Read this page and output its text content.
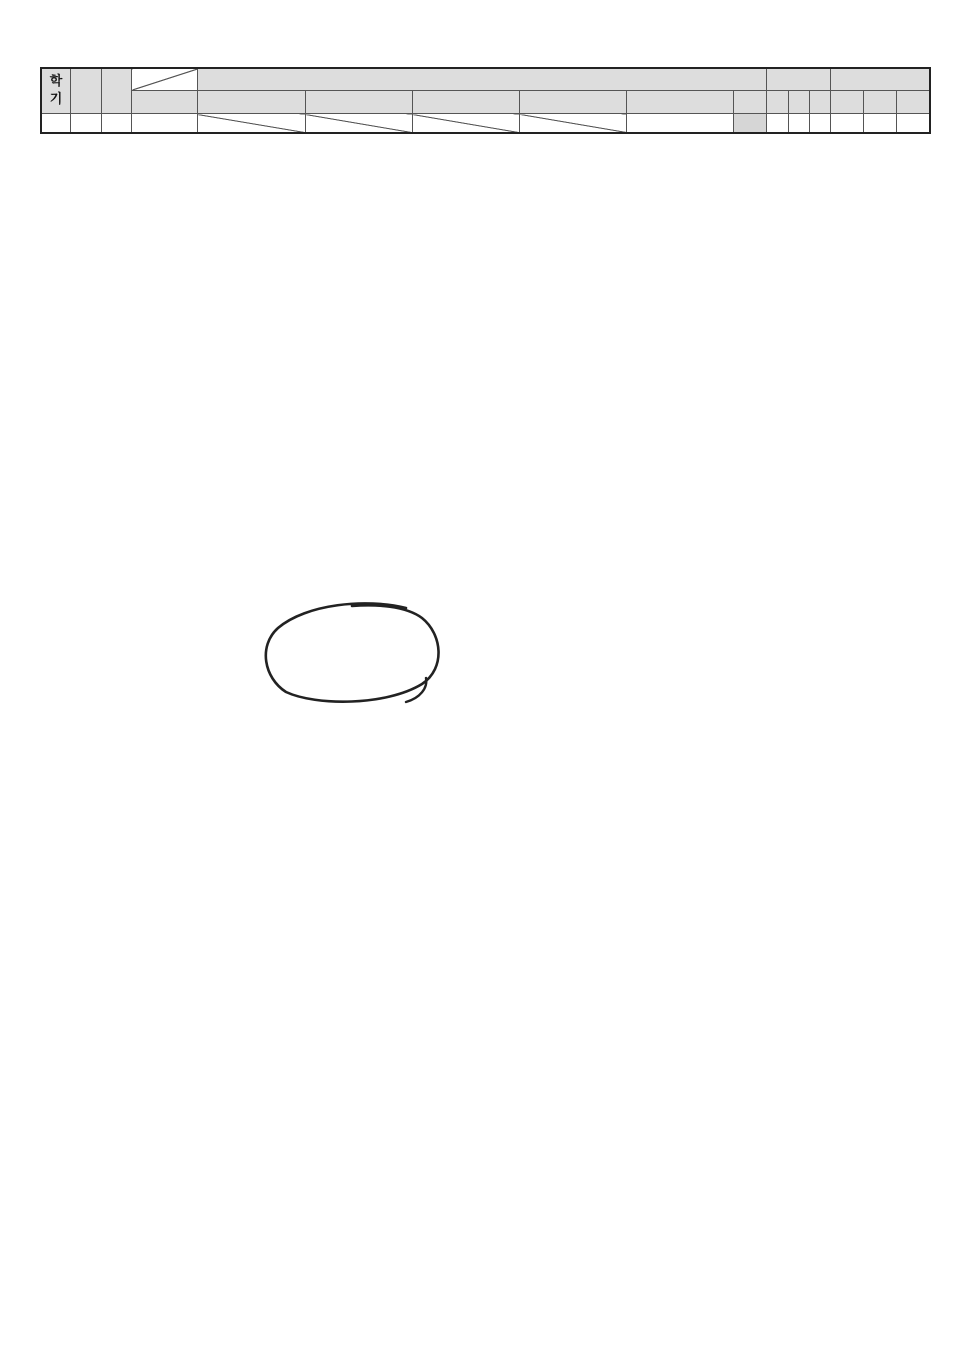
학
기															
